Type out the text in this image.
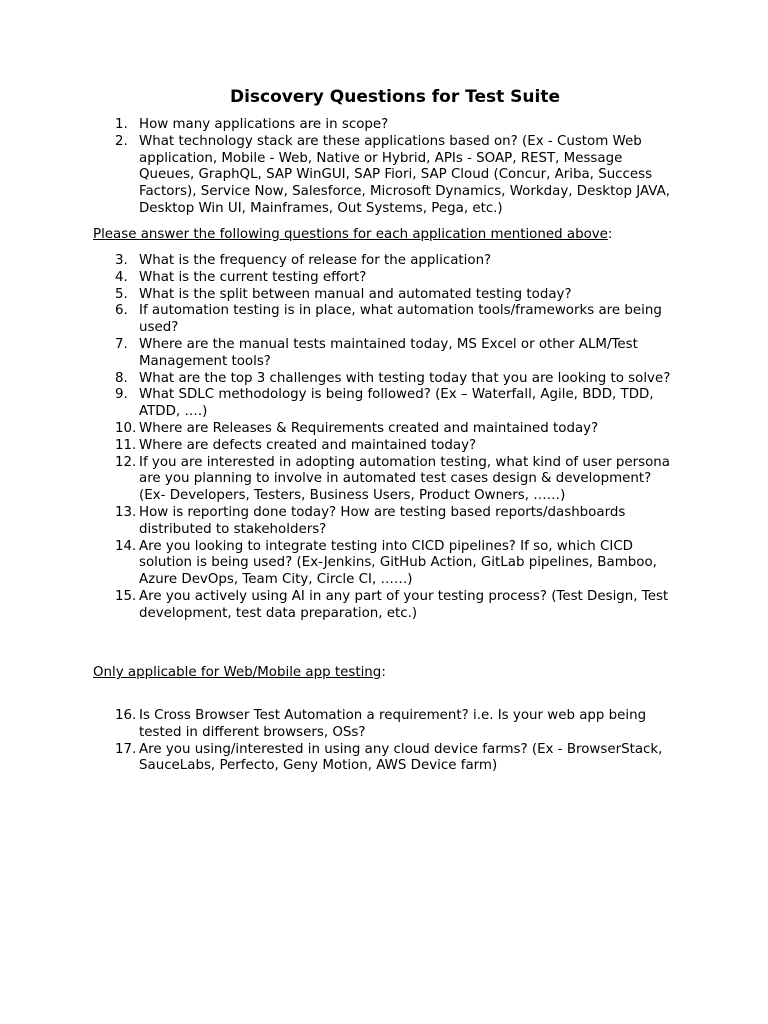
Discovery Questions for Test Suite
1. How many applications are in scope?
2. What technology stack are these applications based on? (Ex - Custom Web application, Mobile - Web, Native or Hybrid, APIs - SOAP, REST, Message Queues, GraphQL, SAP WinGUI, SAP Fiori, SAP Cloud (Concur, Ariba, Success Factors), Service Now, Salesforce, Microsoft Dynamics, Workday, Desktop JAVA, Desktop Win UI, Mainframes, Out Systems, Pega, etc.)

Please answer the following questions for each application mentioned above:

3. What is the frequency of release for the application?
4. What is the current testing effort?
5. What is the split between manual and automated testing today?
6. If automation testing is in place, what automation tools/frameworks are being used?
7. Where are the manual tests maintained today, MS Excel or other ALM/Test Management tools?
8. What are the top 3 challenges with testing today that you are looking to solve?
9. What SDLC methodology is being followed? (Ex – Waterfall, Agile, BDD, TDD, ATDD, ….)
10. Where are Releases & Requirements created and maintained today?
11. Where are defects created and maintained today?
12. If you are interested in adopting automation testing, what kind of user persona are you planning to involve in automated test cases design & development? (Ex- Developers, Testers, Business Users, Product Owners, ……)
13. How is reporting done today? How are testing based reports/dashboards distributed to stakeholders?
14. Are you looking to integrate testing into CICD pipelines? If so, which CICD solution is being used? (Ex-Jenkins, GitHub Action, GitLab pipelines, Bamboo, Azure DevOps, Team City, Circle CI, ……)
15. Are you actively using AI in any part of your testing process? (Test Design, Test development, test data preparation, etc.)

Only applicable for Web/Mobile app testing:

16. Is Cross Browser Test Automation a requirement? i.e. Is your web app being tested in different browsers, OSs?
17. Are you using/interested in using any cloud device farms? (Ex - BrowserStack, SauceLabs, Perfecto, Geny Motion, AWS Device farm)
